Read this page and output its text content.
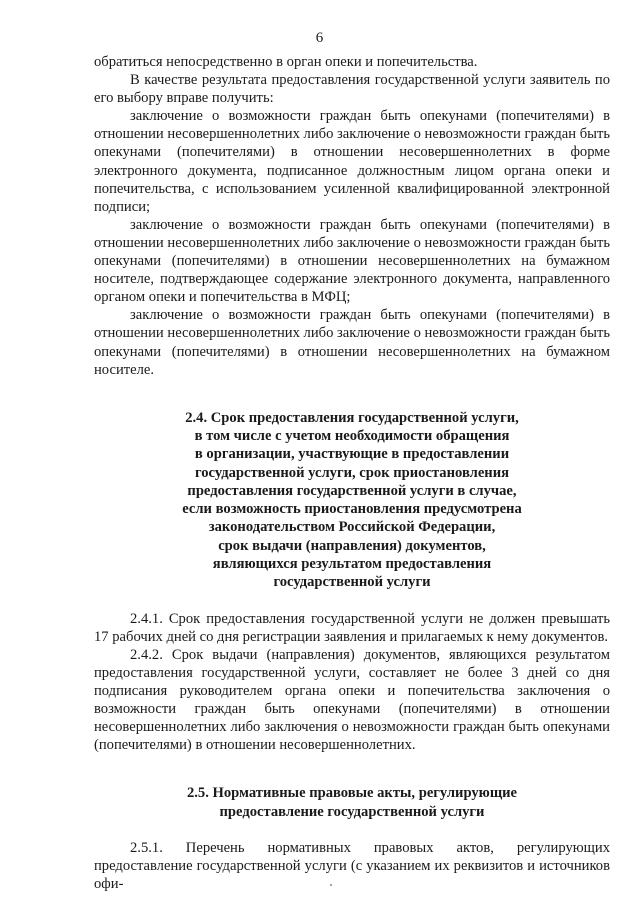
6

обратиться непосредственно в орган опеки и попечительства.

В качестве результата предоставления государственной услуги заявитель по его выбору вправе получить:

заключение о возможности граждан быть опекунами (попечителями) в отношении несовершеннолетних либо заключение о невозможности граждан быть опекунами (попечителями) в отношении несовершеннолетних в форме электронного документа, подписанное должностным лицом органа опеки и попечительства, с использованием усиленной квалифицированной электронной подписи;

заключение о возможности граждан быть опекунами (попечителями) в отношении несовершеннолетних либо заключение о невозможности граждан быть опекунами (попечителями) в отношении несовершеннолетних на бумажном носителе, подтверждающее содержание электронного документа, направленного органом опеки и попечительства в МФЦ;

заключение о возможности граждан быть опекунами (попечителями) в отношении несовершеннолетних либо заключение о невозможности граждан быть опекунами (попечителями) в отношении несовершеннолетних на бумажном носителе.

2.4. Срок предоставления государственной услуги,
в том числе с учетом необходимости обращения
в организации, участвующие в предоставлении
государственной услуги, срок приостановления
предоставления государственной услуги в случае,
если возможность приостановления предусмотрена
законодательством Российской Федерации,
срок выдачи (направления) документов,
являющихся результатом предоставления
государственной услуги

2.4.1. Срок предоставления государственной услуги не должен превышать 17 рабочих дней со дня регистрации заявления и прилагаемых к нему документов.

2.4.2. Срок выдачи (направления) документов, являющихся результатом предоставления государственной услуги, составляет не более 3 дней со дня подписания руководителем органа опеки и попечительства заключения о возможности граждан быть опекунами (попечителями) в отношении несовершеннолетних либо заключения о невозможности граждан быть опекунами (попечителями) в отношении несовершеннолетних.

2.5. Нормативные правовые акты, регулирующие
предоставление государственной услуги

2.5.1. Перечень нормативных правовых актов, регулирующих предоставление государственной услуги (с указанием их реквизитов и источников офи-
